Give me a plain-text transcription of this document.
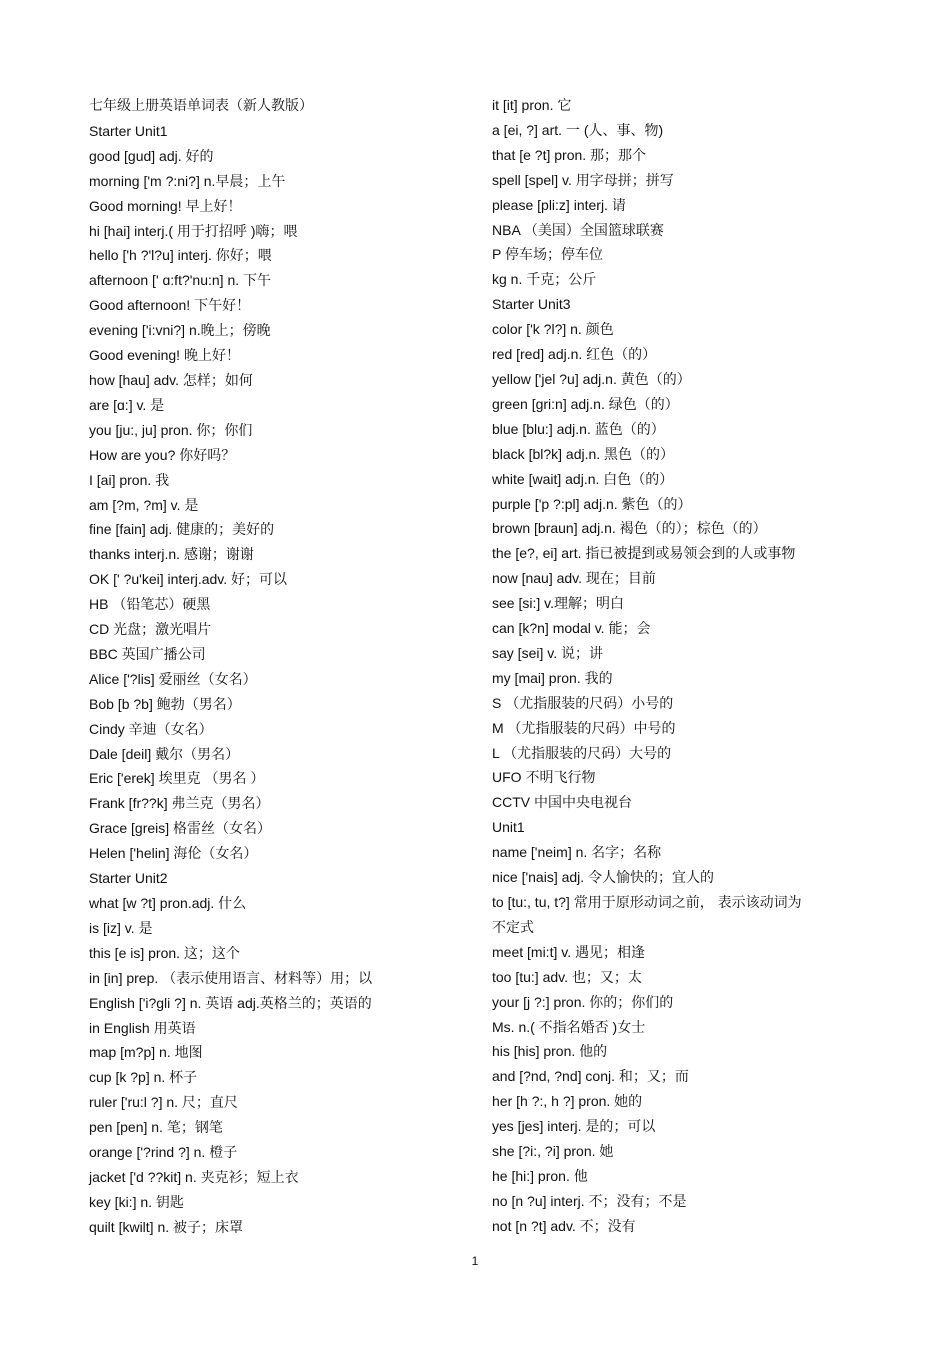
七年级上册英语单词表（新人教版）
Starter Unit1
good [gud] adj. 好的
morning ['m ?:ni?] n.早晨；上午
Good morning! 早上好！
hi [hai] interj.( 用于打招呼 )嗨；喂
hello ['h ?'l?u] interj. 你好；喂
afternoon [' ɑ:ft?'nu:n] n. 下午
Good afternoon! 下午好！
evening ['i:vni?] n.晚上；傍晚
Good evening! 晚上好！
how [hau] adv. 怎样；如何
are [ɑ:] v. 是
you [ju:, ju] pron. 你；你们
How are you? 你好吗？
I [ai] pron. 我
am [?m, ?m] v. 是
fine [fain] adj. 健康的；美好的
thanks interj.n. 感谢；谢谢
OK [' ?u'kei] interj.adv. 好；可以
HB （铅笔芯）硬黑
CD 光盘；激光唱片
BBC 英国广播公司
Alice ['?lis] 爱丽丝（女名）
Bob [b ?b] 鲍勃（男名）
Cindy 辛迪（女名）
Dale [deil] 戴尔（男名）
Eric ['erek] 埃里克 （男名 ）
Frank [fr??k] 弗兰克（男名）
Grace [greis] 格雷丝（女名）
Helen ['helin] 海伦（女名）
Starter Unit2
what [w ?t] pron.adj. 什么
is [iz] v. 是
this [e is] pron. 这；这个
in [in] prep. （表示使用语言、材料等）用；以
English ['i?gli ?] n. 英语 adj.英格兰的；英语的
in English 用英语
map [m?p] n. 地图
cup [k ?p] n. 杯子
ruler ['ru:l ?] n. 尺；直尺
pen [pen] n. 笔；钢笔
orange ['?rind ?] n. 橙子
jacket ['d ??kit] n. 夹克衫；短上衣
key [ki:] n. 钥匙
quilt [kwilt] n. 被子；床罩
it [it] pron. 它
a [ei, ?] art. 一 (人、事、物)
that [e ?t] pron. 那；那个
spell [spel] v. 用字母拼；拼写
please [pli:z] interj. 请
NBA （美国）全国篮球联赛
P 停车场；停车位
kg n. 千克；公斤
Starter Unit3
color ['k ?l?] n. 颜色
red [red] adj.n. 红色（的）
yellow ['jel ?u] adj.n. 黄色（的）
green [gri:n] adj.n. 绿色（的）
blue [blu:] adj.n. 蓝色（的）
black [bl?k] adj.n. 黑色（的）
white [wait] adj.n. 白色（的）
purple ['p ?:pl] adj.n. 紫色（的）
brown [braun] adj.n. 褐色（的）；棕色（的）
the [e?, ei] art. 指已被提到或易领会到的人或事物
now [nau] adv. 现在；目前
see [si:] v.理解；明白
can [k?n] modal v. 能；会
say [sei] v. 说；讲
my [mai] pron. 我的
S （尤指服装的尺码）小号的
M （尤指服装的尺码）中号的
L （尤指服装的尺码）大号的
UFO 不明飞行物
CCTV 中国中央电视台
Unit1
name ['neim] n. 名字；名称
nice ['nais] adj. 令人愉快的；宜人的
to [tu:, tu, t?] 常用于原形动词之前， 表示该动词为
不定式
meet [mi:t] v. 遇见；相逢
too [tu:] adv. 也；又；太
your [j ?:] pron. 你的；你们的
Ms. n.( 不指名婚否 )女士
his [his] pron. 他的
and [?nd, ?nd] conj. 和；又；而
her [h ?:, h ?] pron. 她的
yes [jes] interj. 是的；可以
she [?i:, ?i] pron. 她
he [hi:] pron. 他
no [n ?u] interj. 不；没有；不是
not [n ?t] adv. 不；没有
1
